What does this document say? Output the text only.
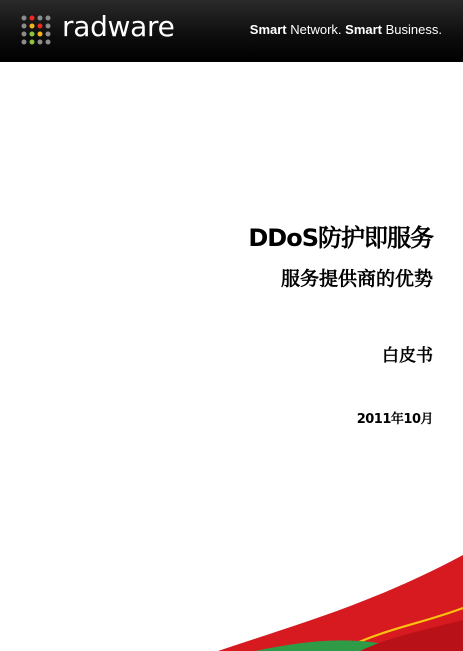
radware	Smart Network. Smart Business.
DDoS防护即服务
服务提供商的优势
白皮书
2011年10月
